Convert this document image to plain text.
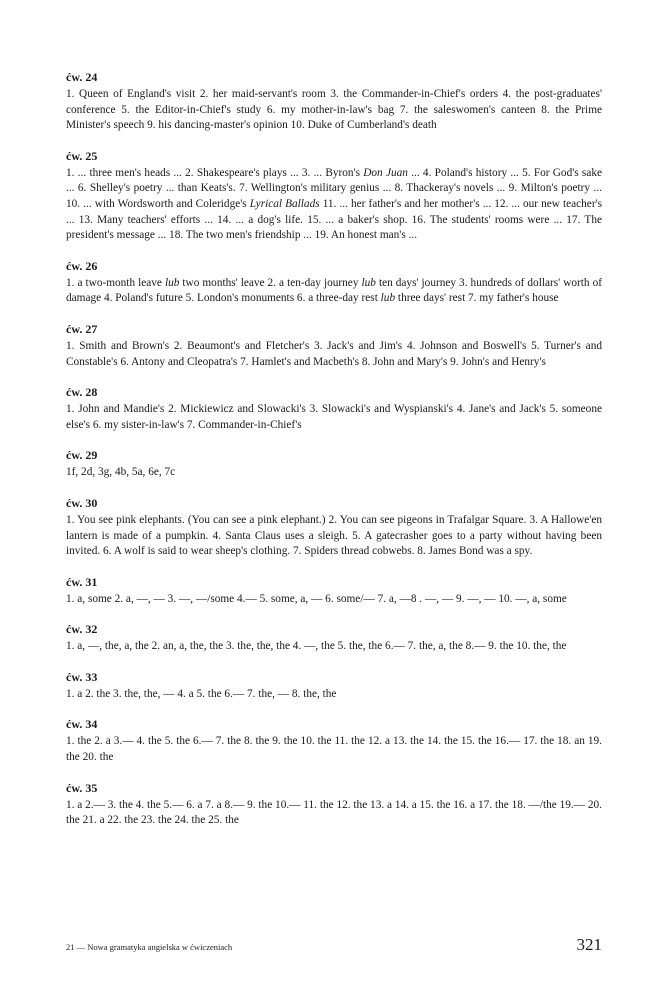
ćw. 24

1. Queen of England's visit 2. her maid-servant's room 3. the Commander-in-Chief's orders 4. the post-graduates' conference 5. the Editor-in-Chief's study 6. my mother-in-law's bag 7. the saleswomen's canteen 8. the Prime Minister's speech 9. his dancing-master's opinion 10. Duke of Cumberland's death

ćw. 25

1. ... three men's heads ... 2. Shakespeare's plays ... 3. ... Byron's Don Juan ... 4. Poland's history ... 5. For God's sake ... 6. Shelley's poetry ... than Keats's. 7. Wellington's military genius ... 8. Thackeray's novels ... 9. Milton's poetry ... 10. ... with Wordsworth and Coleridge's Lyrical Ballads 11. ... her father's and her mother's ... 12. ... our new teacher's ... 13. Many teachers' efforts ... 14. ... a dog's life. 15. ... a baker's shop. 16. The students' rooms were ... 17. The president's message ... 18. The two men's friendship ... 19. An honest man's ...

ćw. 26

1. a two-month leave lub two months' leave 2. a ten-day journey lub ten days' journey 3. hundreds of dollars' worth of damage 4. Poland's future 5. London's monuments 6. a three-day rest lub three days' rest 7. my father's house

ćw. 27

1. Smith and Brown's 2. Beaumont's and Fletcher's 3. Jack's and Jim's 4. Johnson and Boswell's 5. Turner's and Constable's 6. Antony and Cleopatra's 7. Hamlet's and Macbeth's 8. John and Mary's 9. John's and Henry's

ćw. 28

1. John and Mandie's 2. Mickiewicz and Slowacki's 3. Slowacki's and Wyspianski's 4. Jane's and Jack's 5. someone else's 6. my sister-in-law's 7. Commander-in-Chief's

ćw. 29

1f, 2d, 3g, 4b, 5a, 6e, 7c

ćw. 30

1. You see pink elephants. (You can see a pink elephant.) 2. You can see pigeons in Trafalgar Square. 3. A Hallowe'en lantern is made of a pumpkin. 4. Santa Claus uses a sleigh. 5. A gatecrasher goes to a party without having been invited. 6. A wolf is said to wear sheep's clothing. 7. Spiders thread cobwebs. 8. James Bond was a spy.

ćw. 31

1. a, some 2. a, —, — 3. —, —/some 4.— 5. some, a, — 6. some/— 7. a, —8 . —, — 9. —, — 10. —, a, some

ćw. 32

1. a, —, the, a, the 2. an, a, the, the 3. the, the, the 4. —, the 5. the, the 6.— 7. the, a, the 8.— 9. the 10. the, the

ćw. 33

1. a 2. the 3. the, the, — 4. a 5. the 6.— 7. the, — 8. the, the

ćw. 34

1. the 2. a 3.— 4. the 5. the 6.— 7. the 8. the 9. the 10. the 11. the 12. a 13. the 14. the 15. the 16.— 17. the 18. an 19. the 20. the

ćw. 35

1. a 2.— 3. the 4. the 5.— 6. a 7. a 8.— 9. the 10.— 11. the 12. the 13. a 14. a 15. the 16. a 17. the 18. —/the 19.— 20. the 21. a 22. the 23. the 24. the 25. the

21 — Nowa gramatyka angielska w ćwiczeniach	321
